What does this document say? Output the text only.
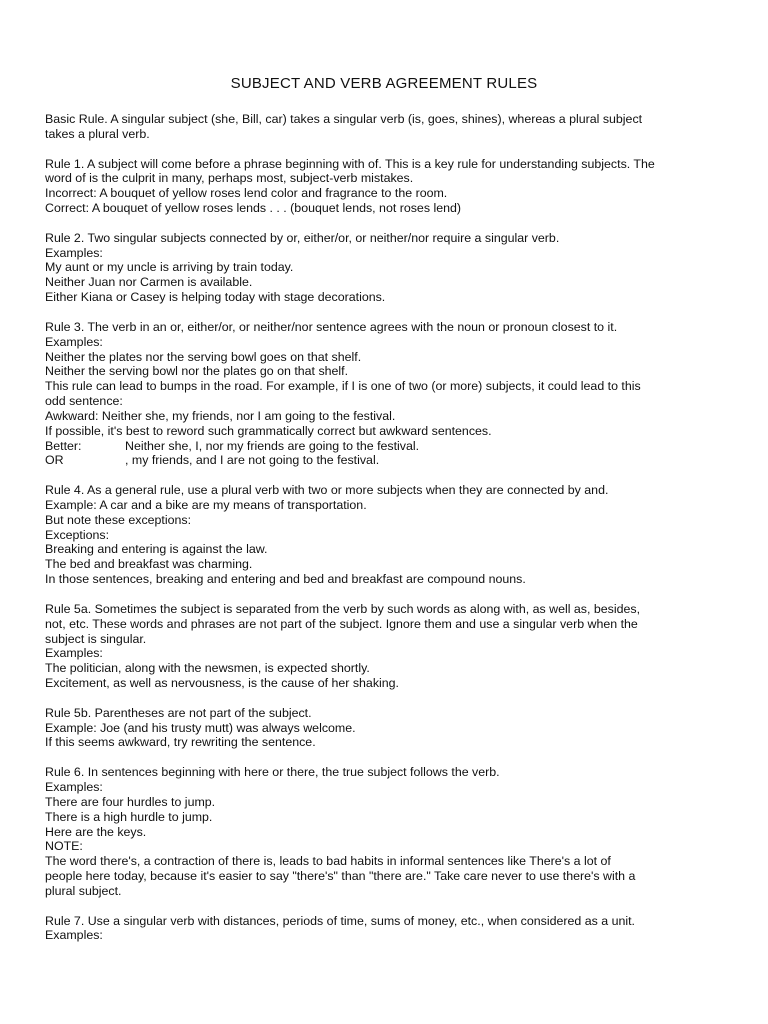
SUBJECT AND VERB AGREEMENT RULES
Basic Rule. A singular subject (she, Bill, car) takes a singular verb (is, goes, shines), whereas a plural subject
takes a plural verb.
Rule 1. A subject will come before a phrase beginning with of. This is a key rule for understanding subjects. The
word of is the culprit in many, perhaps most, subject-verb mistakes.
Incorrect: A bouquet of yellow roses lend color and fragrance to the room.
Correct: A bouquet of yellow roses lends . . . (bouquet lends, not roses lend)
Rule 2. Two singular subjects connected by or, either/or, or neither/nor require a singular verb.
Examples:
My aunt or my uncle is arriving by train today.
Neither Juan nor Carmen is available.
Either Kiana or Casey is helping today with stage decorations.
Rule 3. The verb in an or, either/or, or neither/nor sentence agrees with the noun or pronoun closest to it.
Examples:
Neither the plates nor the serving bowl goes on that shelf.
Neither the serving bowl nor the plates go on that shelf.
This rule can lead to bumps in the road. For example, if I is one of two (or more) subjects, it could lead to this
odd sentence:
Awkward: Neither she, my friends, nor I am going to the festival.
If possible, it's best to reword such grammatically correct but awkward sentences.
Better:	Neither she, I, nor my friends are going to the festival.
OR	, my friends, and I are not going to the festival.
Rule 4. As a general rule, use a plural verb with two or more subjects when they are connected by and.
Example: A car and a bike are my means of transportation.
But note these exceptions:
Exceptions:
Breaking and entering is against the law.
The bed and breakfast was charming.
In those sentences, breaking and entering and bed and breakfast are compound nouns.
Rule 5a. Sometimes the subject is separated from the verb by such words as along with, as well as, besides,
not, etc. These words and phrases are not part of the subject. Ignore them and use a singular verb when the
subject is singular.
Examples:
The politician, along with the newsmen, is expected shortly.
Excitement, as well as nervousness, is the cause of her shaking.
Rule 5b. Parentheses are not part of the subject.
Example: Joe (and his trusty mutt) was always welcome.
If this seems awkward, try rewriting the sentence.
Rule 6. In sentences beginning with here or there, the true subject follows the verb.
Examples:
There are four hurdles to jump.
There is a high hurdle to jump.
Here are the keys.
NOTE:
The word there's, a contraction of there is, leads to bad habits in informal sentences like There's a lot of
people here today, because it's easier to say "there's" than "there are." Take care never to use there's with a
plural subject.
Rule 7. Use a singular verb with distances, periods of time, sums of money, etc., when considered as a unit.
Examples:
